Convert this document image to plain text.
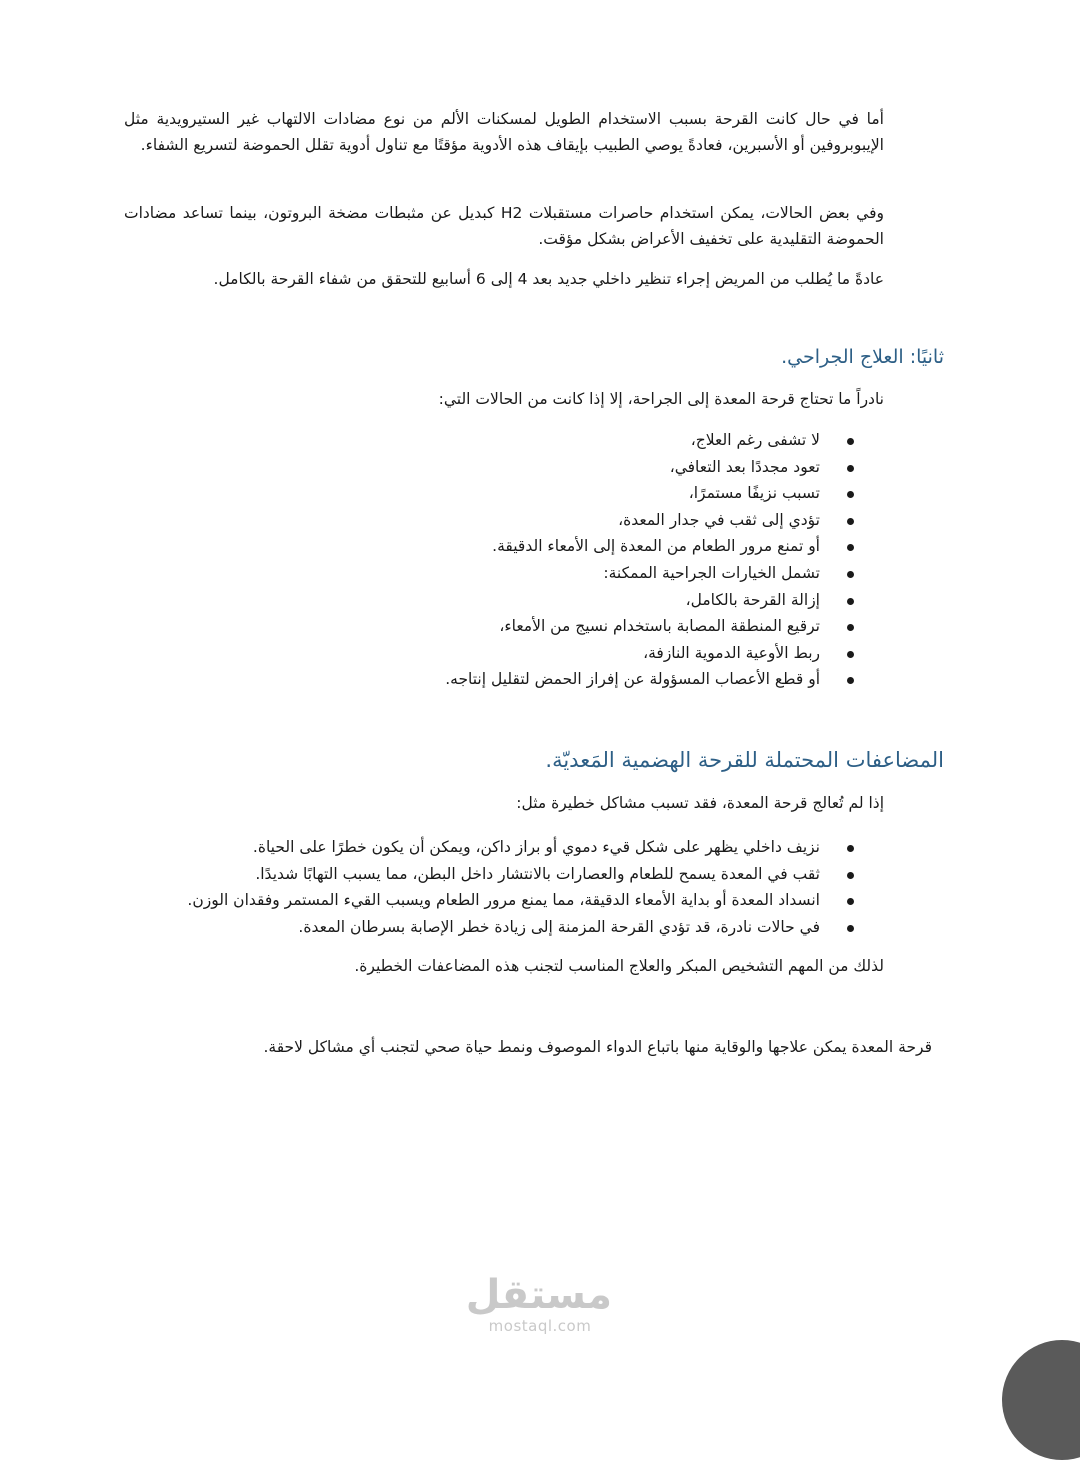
أما في حال كانت القرحة بسبب الاستخدام الطويل لمسكنات الألم من نوع مضادات الالتهاب غير الستيرويدية مثل الإيبوبروفين أو الأسبرين، فعادةً يوصي الطبيب بإيقاف هذه الأدوية مؤقتًا مع تناول أدوية تقلل الحموضة لتسريع الشفاء.

وفي بعض الحالات، يمكن استخدام حاصرات مستقبلات H2 كبديل عن مثبطات مضخة البروتون، بينما تساعد مضادات الحموضة التقليدية على تخفيف الأعراض بشكل مؤقت.

عادةً ما يُطلب من المريض إجراء تنظير داخلي جديد بعد 4 إلى 6 أسابيع للتحقق من شفاء القرحة بالكامل.

ثانيًا: العلاج الجراحي.

نادراً ما تحتاج قرحة المعدة إلى الجراحة، إلا إذا كانت من الحالات التي:

لا تشفى رغم العلاج،
تعود مجددًا بعد التعافي،
تسبب نزيفًا مستمرًا،
تؤدي إلى ثقب في جدار المعدة،
أو تمنع مرور الطعام من المعدة إلى الأمعاء الدقيقة.
تشمل الخيارات الجراحية الممكنة:
إزالة القرحة بالكامل،
ترقيع المنطقة المصابة باستخدام نسيج من الأمعاء،
ربط الأوعية الدموية النازفة،
أو قطع الأعصاب المسؤولة عن إفراز الحمض لتقليل إنتاجه.
المضاعفات المحتملة للقرحة الهضمية المَعديّة.

إذا لم تُعالج قرحة المعدة، فقد تسبب مشاكل خطيرة مثل:

نزيف داخلي يظهر على شكل قيء دموي أو براز داكن، ويمكن أن يكون خطرًا على الحياة.
ثقب في المعدة يسمح للطعام والعصارات بالانتشار داخل البطن، مما يسبب التهابًا شديدًا.
انسداد المعدة أو بداية الأمعاء الدقيقة، مما يمنع مرور الطعام ويسبب القيء المستمر وفقدان الوزن.
في حالات نادرة، قد تؤدي القرحة المزمنة إلى زيادة خطر الإصابة بسرطان المعدة.

لذلك من المهم التشخيص المبكر والعلاج المناسب لتجنب هذه المضاعفات الخطيرة.

قرحة المعدة يمكن علاجها والوقاية منها باتباع الدواء الموصوف ونمط حياة صحي لتجنب أي مشاكل لاحقة.

مستقل
mostaql.com
